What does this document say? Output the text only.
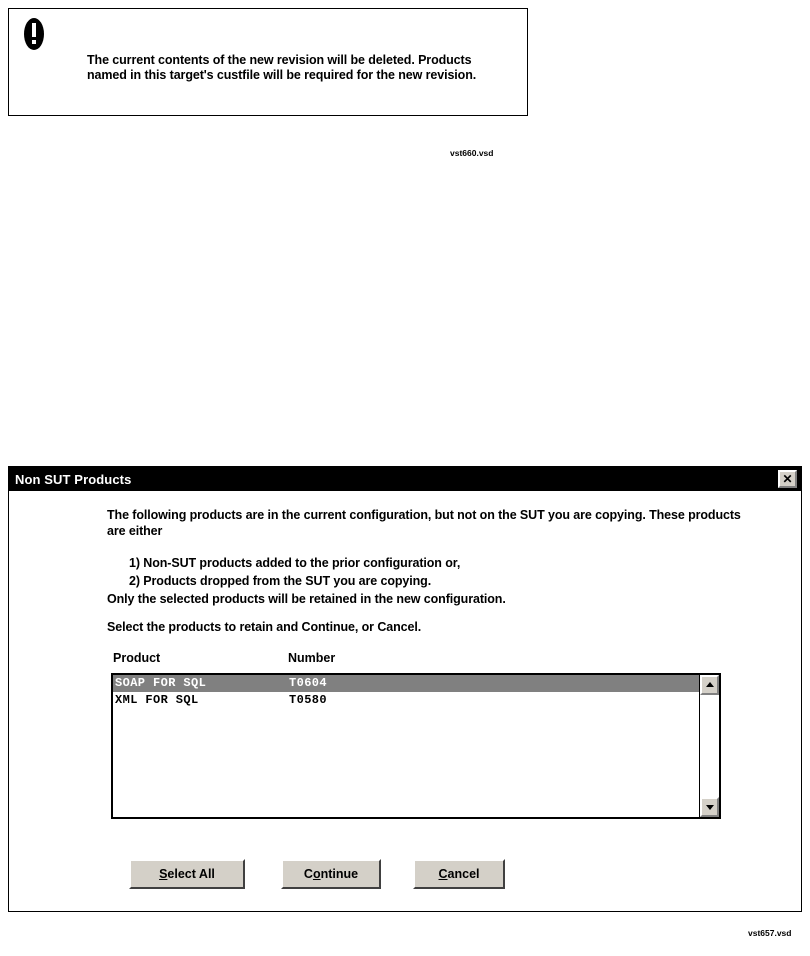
The current contents of the new revision will be deleted. Products named in this target's custfile will be required for the new revision.
vst660.vsd
Non SUT Products	✕
The following products are in the current configuration, but not on the SUT you are copying. These products are either
1) Non-SUT products added to the prior configuration or,
2) Products dropped from the SUT you are copying.
Only the selected products will be retained in the new configuration.
Select the products to retain and Continue, or Cancel.
Product	Number
SOAP FOR SQL	T0604
XML FOR SQL	T0580
Select All	Continue	Cancel
vst657.vsd
